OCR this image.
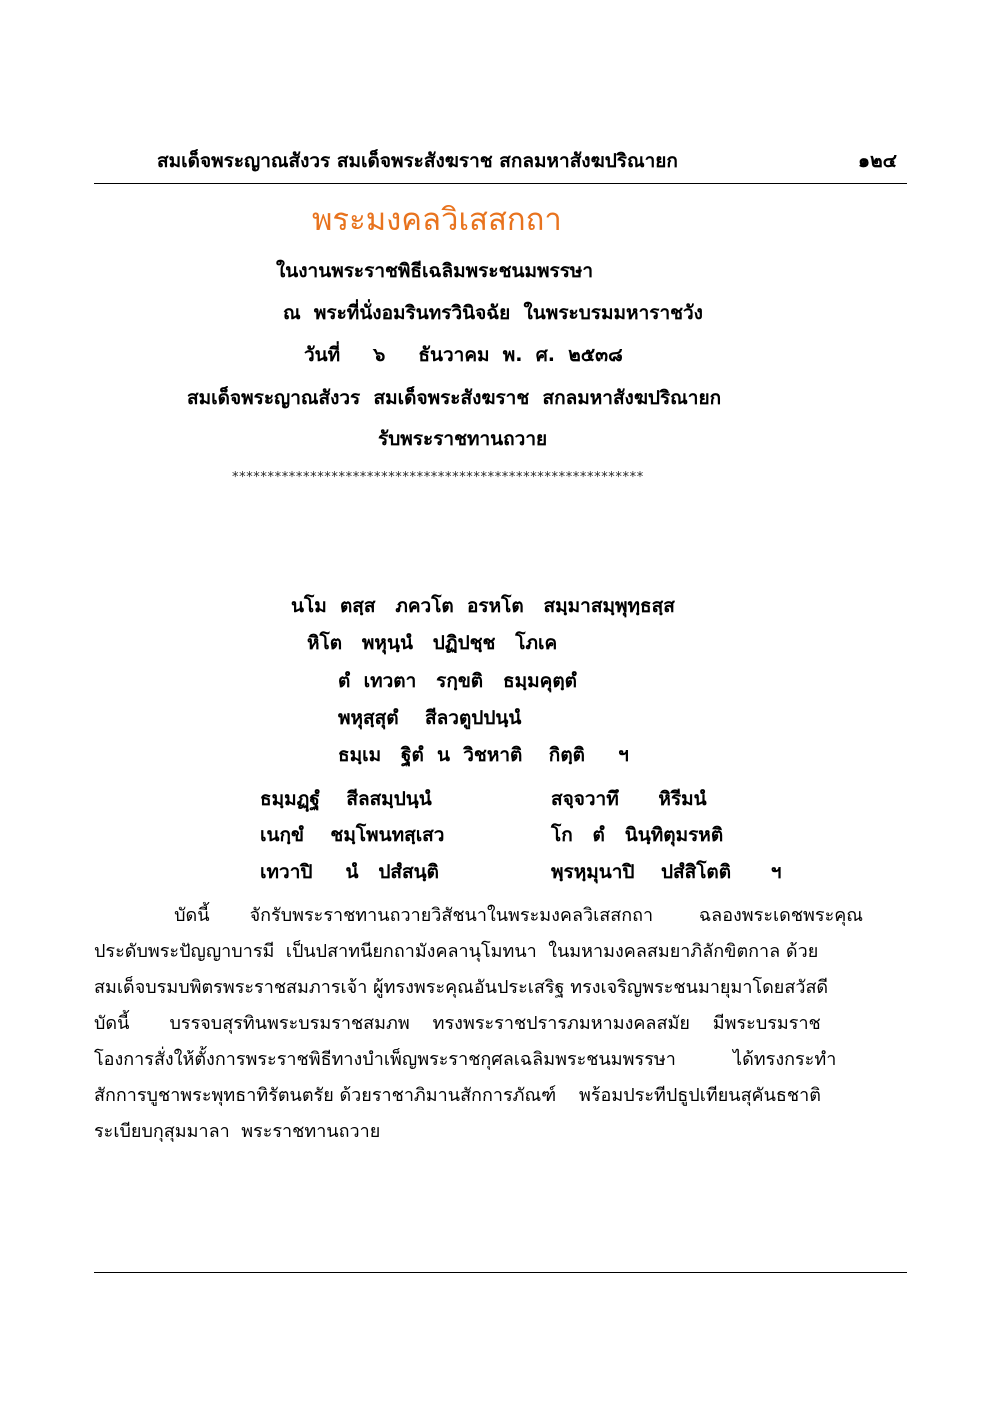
สมเด็จพระญาณสังวร สมเด็จพระสังฆราช สกลมหาสังฆปริณายก	๑๒๔
พระมงคลวิเสสกถา
ในงานพระราชพิธีเฉลิมพระชนมพรรษา
ณ  พระที่นั่งอมรินทรวินิจฉัย  ในพระบรมมหาราชวัง
วันที่     ๖     ธันวาคม  พ.  ศ.  ๒๕๓๘
สมเด็จพระญาณสังวร  สมเด็จพระสังฆราช  สกลมหาสังฆปริณายก
รับพระราชทานถวาย
**********************************************************
นโม  ตสฺส   ภควโต  อรหโต   สมฺมาสมฺพุทฺธสฺส
หิโต   พหุนฺนํ   ปฏิปชฺช   โภเค
ตํ  เทวตา   รกฺขติ   ธมฺมคุตฺตํ
พหุสฺสุตํ    สีลวตูปปนฺนํ
ธมฺเม   ฐิตํ  น  วิชหาติ    กิตฺติ     ฯ
ธมฺมฏฺฐํ    สีลสมฺปนฺนํ	สจฺจวาทึ      หิรีมนํ
เนกฺขํ    ชมฺโพนทสฺเสว	โก   ตํ   นินฺทิตุมรหติ
เทวาปิ     นํ   ปสํสนฺติ	พฺรหฺมุนาปิ    ปสํสิโตติ      ฯ
บัดนี้       จักรับพระราชทานถวายวิสัชนาในพระมงคลวิเสสกถา        ฉลองพระเดชพระคุณ
ประดับพระปัญญาบารมี  เป็นปสาทนียกถามังคลานุโมทนา  ในมหามงคลสมยาภิลักขิตกาล ด้วย
สมเด็จบรมบพิตรพระราชสมภารเจ้า ผู้ทรงพระคุณอันประเสริฐ ทรงเจริญพระชนมายุมาโดยสวัสดี
บัดนี้       บรรจบสุรทินพระบรมราชสมภพ    ทรงพระราชปรารภมหามงคลสมัย    มีพระบรมราช
โองการสั่งให้ตั้งการพระราชพิธีทางบำเพ็ญพระราชกุศลเฉลิมพระชนมพรรษา          ได้ทรงกระทำ
สักการบูชาพระพุทธาทิรัตนตรัย ด้วยราชาภิมานสักการภัณฑ์    พร้อมประทีปธูปเทียนสุคันธชาติ
ระเบียบกุสุมมาลา  พระราชทานถวาย
